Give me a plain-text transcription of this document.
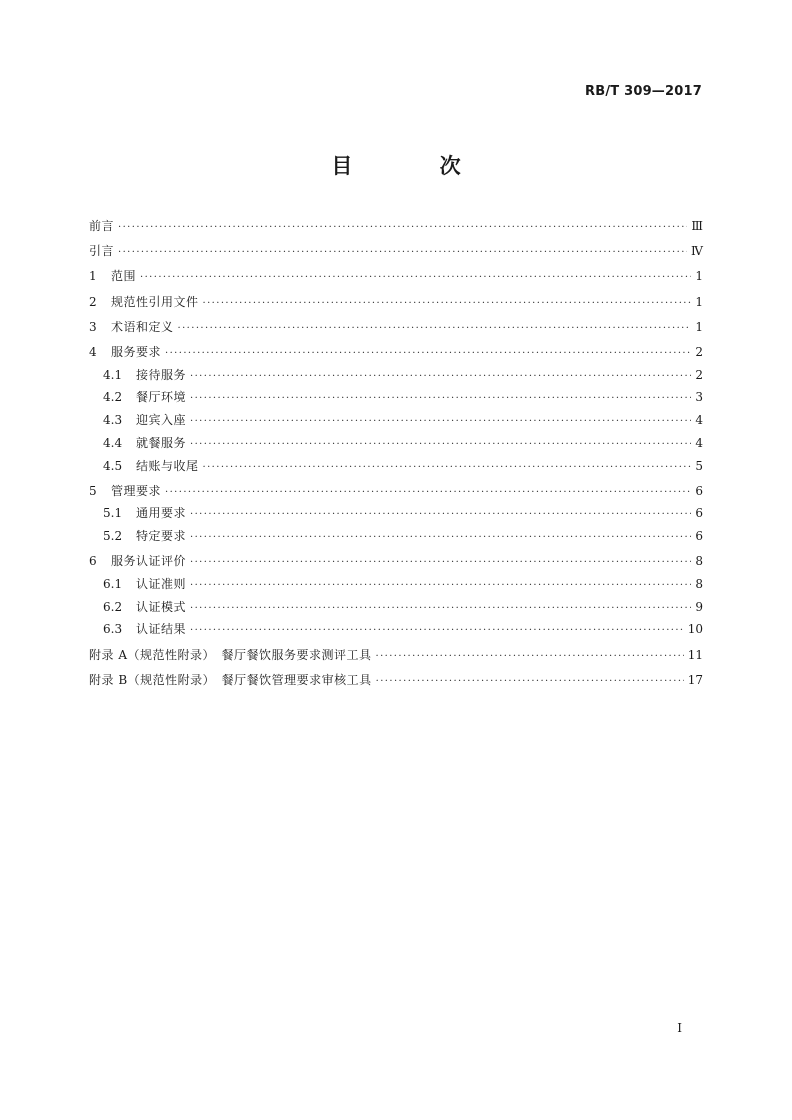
RB/T 309—2017
目 次
前言 ·····	Ⅲ
引言 ·····	Ⅳ
1	范围 ·····	1
2	规范性引用文件 ·····	1
3	术语和定义 ·····	1
4	服务要求 ·····	2
4.1	接待服务 ·····	2
4.2	餐厅环境 ·····	3
4.3	迎宾入座 ·····	4
4.4	就餐服务 ·····	4
4.5	结账与收尾 ·····	5
5	管理要求 ·····	6
5.1	通用要求 ·····	6
5.2	特定要求 ·····	6
6	服务认证评价 ·····	8
6.1	认证准则 ·····	8
6.2	认证模式 ·····	9
6.3	认证结果 ·····	10
附录 A（规范性附录）　餐厅餐饮服务要求测评工具 ·····	11
附录 B（规范性附录）　餐厅餐饮管理要求审核工具 ·····	17
Ⅰ
